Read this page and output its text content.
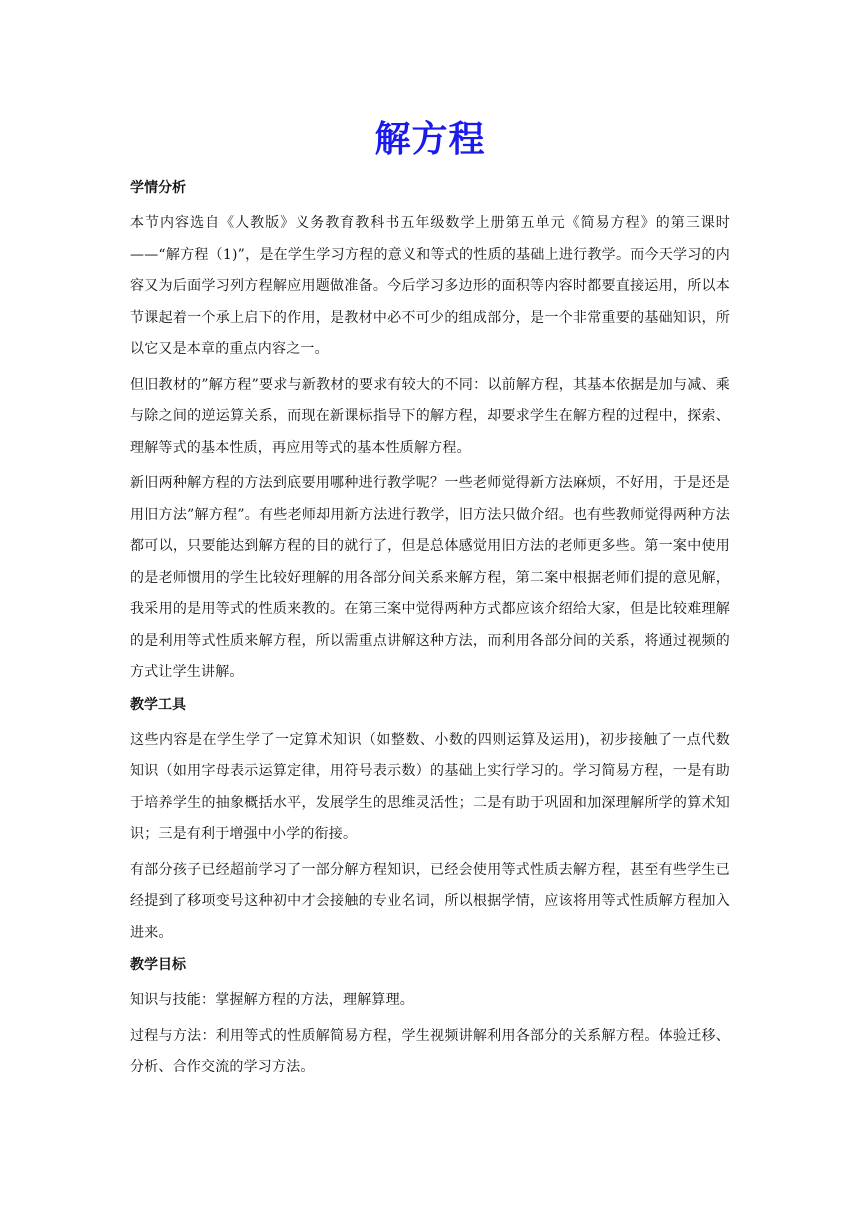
解方程
学情分析

本节内容选自《人教版》义务教育教科书五年级数学上册第五单元《简易方程》的第三课时——“解方程（1)”，是在学生学习方程的意义和等式的性质的基础上进行教学。而今天学习的内容又为后面学习列方程解应用题做准备。今后学习多边形的面积等内容时都要直接运用，所以本节课起着一个承上启下的作用，是教材中必不可少的组成部分，是一个非常重要的基础知识，所以它又是本章的重点内容之一。

但旧教材的”解方程”要求与新教材的要求有较大的不同：以前解方程，其基本依据是加与减、乘与除之间的逆运算关系，而现在新课标指导下的解方程，却要求学生在解方程的过程中，探索、理解等式的基本性质，再应用等式的基本性质解方程。

新旧两种解方程的方法到底要用哪种进行教学呢？一些老师觉得新方法麻烦，不好用，于是还是用旧方法”解方程”。有些老师却用新方法进行教学，旧方法只做介绍。也有些教师觉得两种方法都可以，只要能达到解方程的目的就行了，但是总体感觉用旧方法的老师更多些。第一案中使用的是老师惯用的学生比较好理解的用各部分间关系来解方程，第二案中根据老师们提的意见解，我采用的是用等式的性质来教的。在第三案中觉得两种方式都应该介绍给大家，但是比较难理解的是利用等式性质来解方程，所以需重点讲解这种方法，而利用各部分间的关系，将通过视频的方式让学生讲解。

教学工具

这些内容是在学生学了一定算术知识（如整数、小数的四则运算及运用)，初步接触了一点代数知识（如用字母表示运算定律，用符号表示数）的基础上实行学习的。学习简易方程，一是有助于培养学生的抽象概括水平，发展学生的思维灵活性；二是有助于巩固和加深理解所学的算术知识；三是有利于增强中小学的衔接。

有部分孩子已经超前学习了一部分解方程知识，已经会使用等式性质去解方程，甚至有些学生已经提到了移项变号这种初中才会接触的专业名词，所以根据学情，应该将用等式性质解方程加入进来。

教学目标

知识与技能：掌握解方程的方法，理解算理。

过程与方法：利用等式的性质解简易方程，学生视频讲解利用各部分的关系解方程。体验迁移、分析、合作交流的学习方法。
